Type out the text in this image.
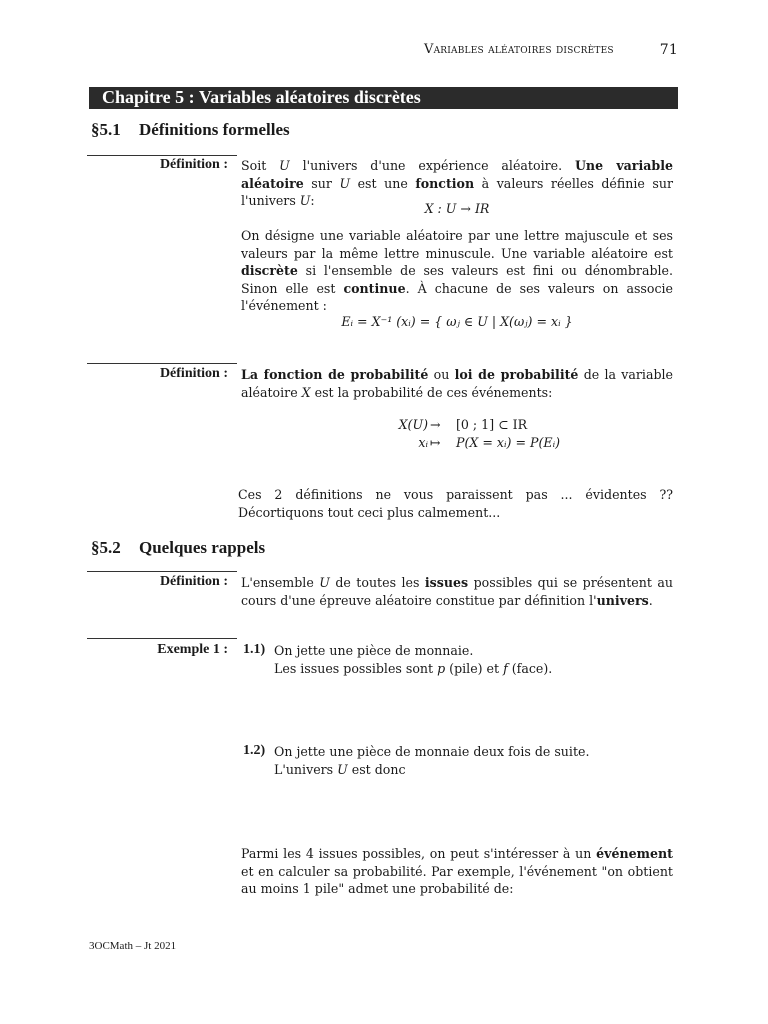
Variables aléatoires discrètes	71
Chapitre 5 : Variables aléatoires discrètes
§5.1 Définitions formelles
Définition : Soit U l'univers d'une expérience aléatoire. Une variable aléatoire sur U est une fonction à valeurs réelles définie sur l'univers U:
X : U → IR
On désigne une variable aléatoire par une lettre majuscule et ses valeurs par la même lettre minuscule. Une variable aléatoire est discrète si l'ensemble de ses valeurs est fini ou dénombrable. Sinon elle est continue. À chacune de ses valeurs on associe l'événement :
Eᵢ = X⁻¹ (xᵢ) = { ωⱼ ∈ U | X(ωⱼ) = xᵢ }
Définition : La fonction de probabilité ou loi de probabilité de la variable aléatoire X est la probabilité de ces événements:
X(U) → [0 ; 1] ⊂ IR
xᵢ ↦ P(X = xᵢ) = P(Eᵢ)
Ces 2 définitions ne vous paraissent pas ... évidentes ?? Décortiquons tout ceci plus calmement...
§5.2 Quelques rappels
Définition : L'ensemble U de toutes les issues possibles qui se présentent au cours d'une épreuve aléatoire constitue par définition l'univers.
Exemple 1 : 1.1) On jette une pièce de monnaie.
Les issues possibles sont p (pile) et f (face).
1.2) On jette une pièce de monnaie deux fois de suite.
L'univers U est donc
Parmi les 4 issues possibles, on peut s'intéresser à un événement et en calculer sa probabilité. Par exemple, l'événement "on obtient au moins 1 pile" admet une probabilité de:
3OCMath – Jt 2021
